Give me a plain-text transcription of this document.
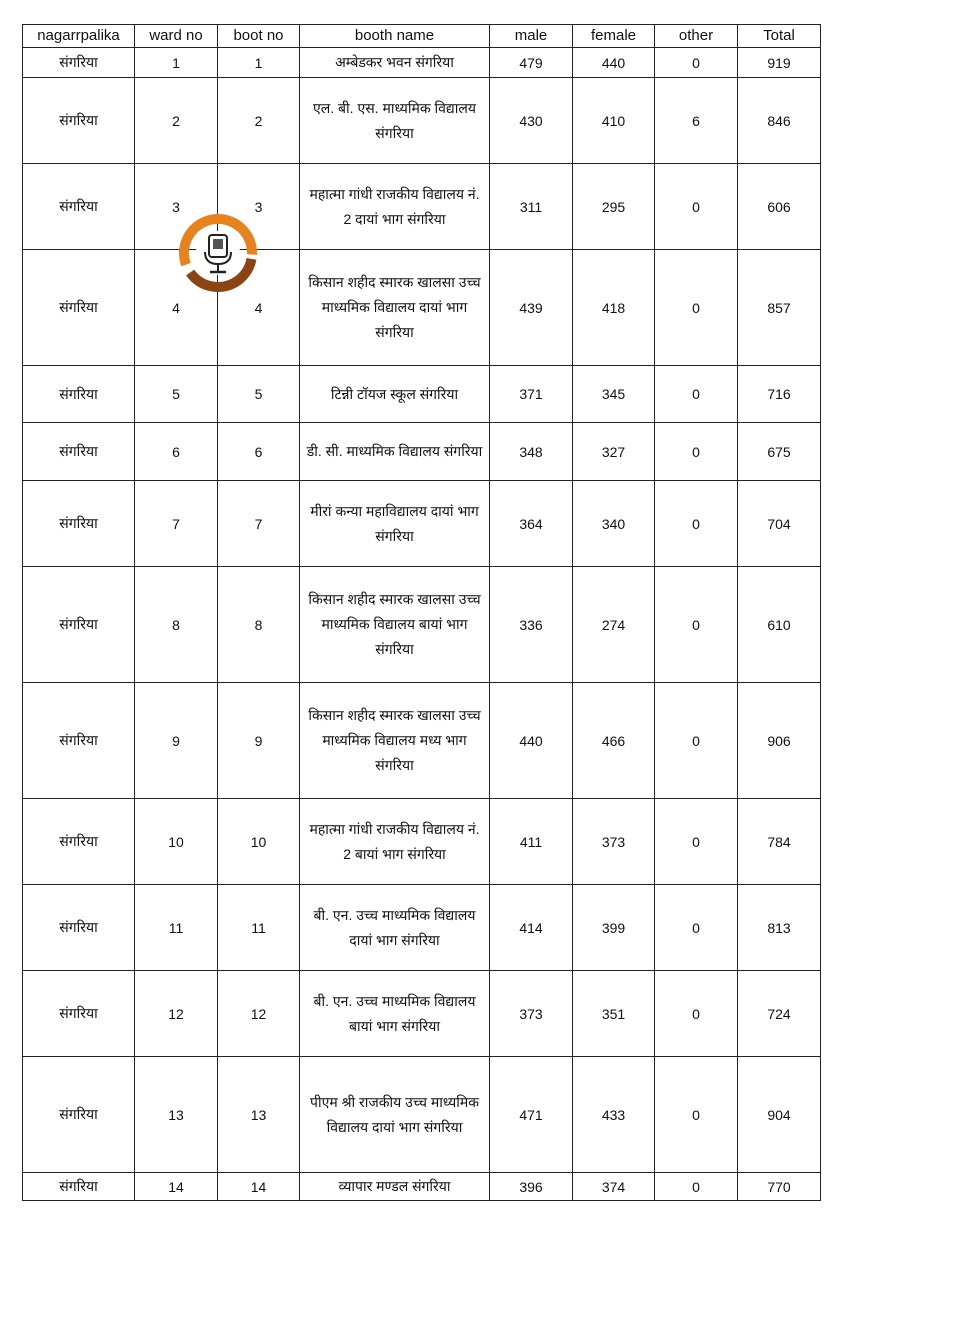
nagarrpalika	ward no	boot no	booth name	male	female	other	Total
संगरिया	1	1	अम्बेडकर भवन संगरिया	479	440	0	919
संगरिया	2	2	एल. बी. एस. माध्यमिक विद्यालय संगरिया	430	410	6	846
संगरिया	3	3	महात्मा गांधी राजकीय विद्यालय नं. 2 दायां भाग संगरिया	311	295	0	606
संगरिया	4	4	किसान शहीद स्मारक खालसा उच्च माध्यमिक विद्यालय दायां भाग संगरिया	439	418	0	857
संगरिया	5	5	टिन्नी टॉयज स्कूल संगरिया	371	345	0	716
संगरिया	6	6	डी. सी. माध्यमिक विद्यालय संगरिया	348	327	0	675
संगरिया	7	7	मीरां कन्या महाविद्यालय दायां भाग संगरिया	364	340	0	704
संगरिया	8	8	किसान शहीद स्मारक खालसा उच्च माध्यमिक विद्यालय बायां भाग संगरिया	336	274	0	610
संगरिया	9	9	किसान शहीद स्मारक खालसा उच्च माध्यमिक विद्यालय मध्य भाग संगरिया	440	466	0	906
संगरिया	10	10	महात्मा गांधी राजकीय विद्यालय नं. 2 बायां भाग संगरिया	411	373	0	784
संगरिया	11	11	बी. एन. उच्च माध्यमिक विद्यालय दायां भाग संगरिया	414	399	0	813
संगरिया	12	12	बी. एन. उच्च माध्यमिक विद्यालय बायां भाग संगरिया	373	351	0	724
संगरिया	13	13	पीएम श्री राजकीय उच्च माध्यमिक विद्यालय दायां भाग संगरिया	471	433	0	904
संगरिया	14	14	व्यापार मण्डल संगरिया	396	374	0	770
